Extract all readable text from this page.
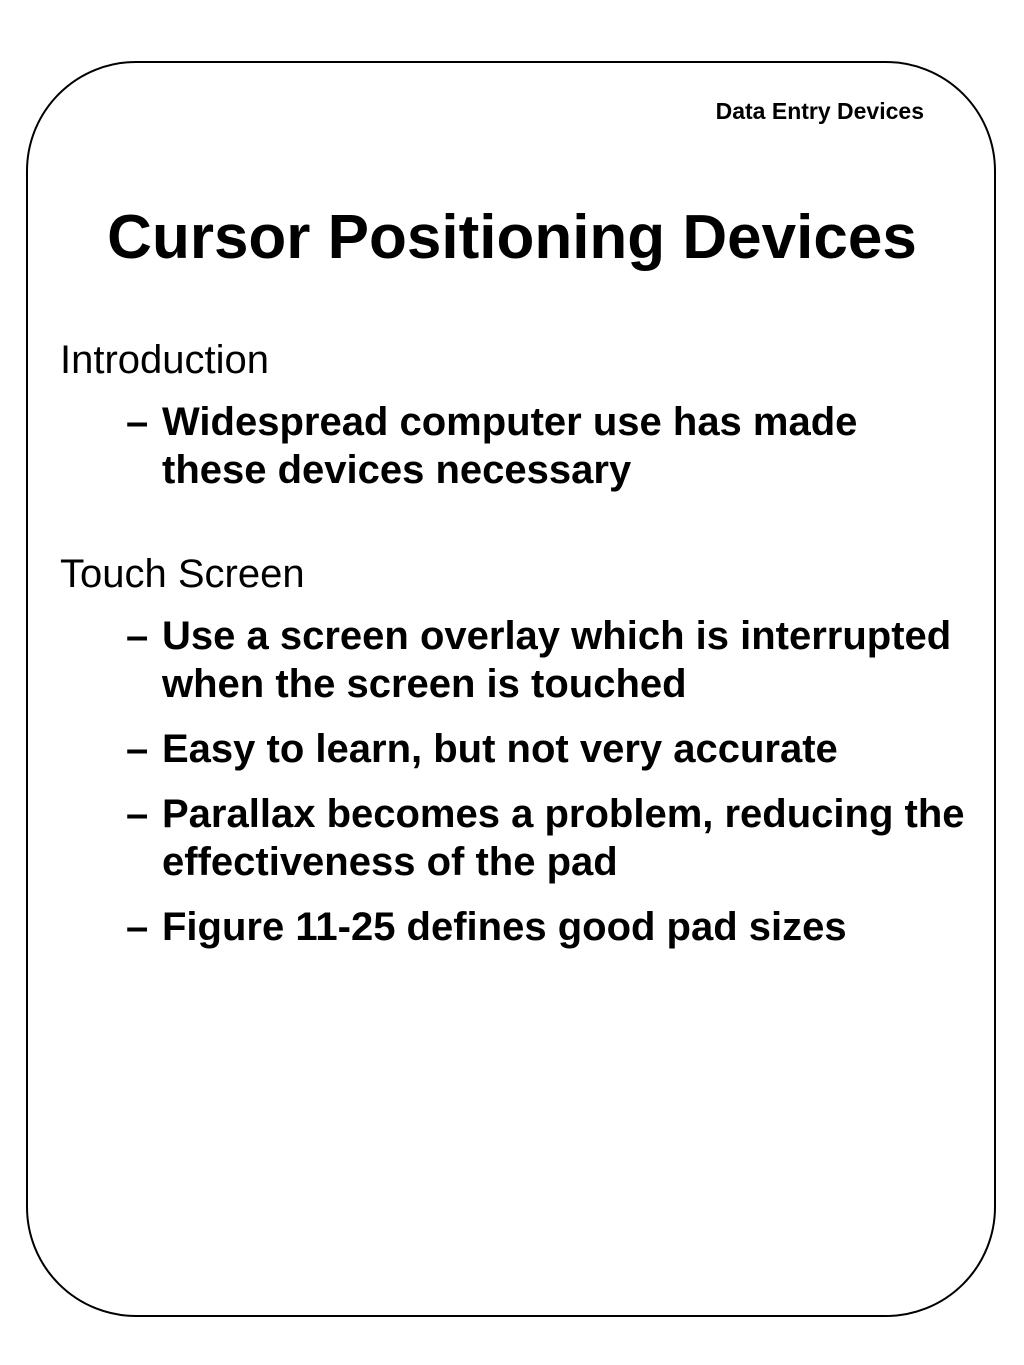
Data Entry Devices
Cursor Positioning Devices
Introduction
– Widespread computer use has made these devices necessary
Touch Screen
– Use a screen overlay which is interrupted when the screen is touched
– Easy to learn, but not very accurate
– Parallax becomes a problem, reducing the effectiveness of the pad
– Figure 11-25 defines good pad sizes
